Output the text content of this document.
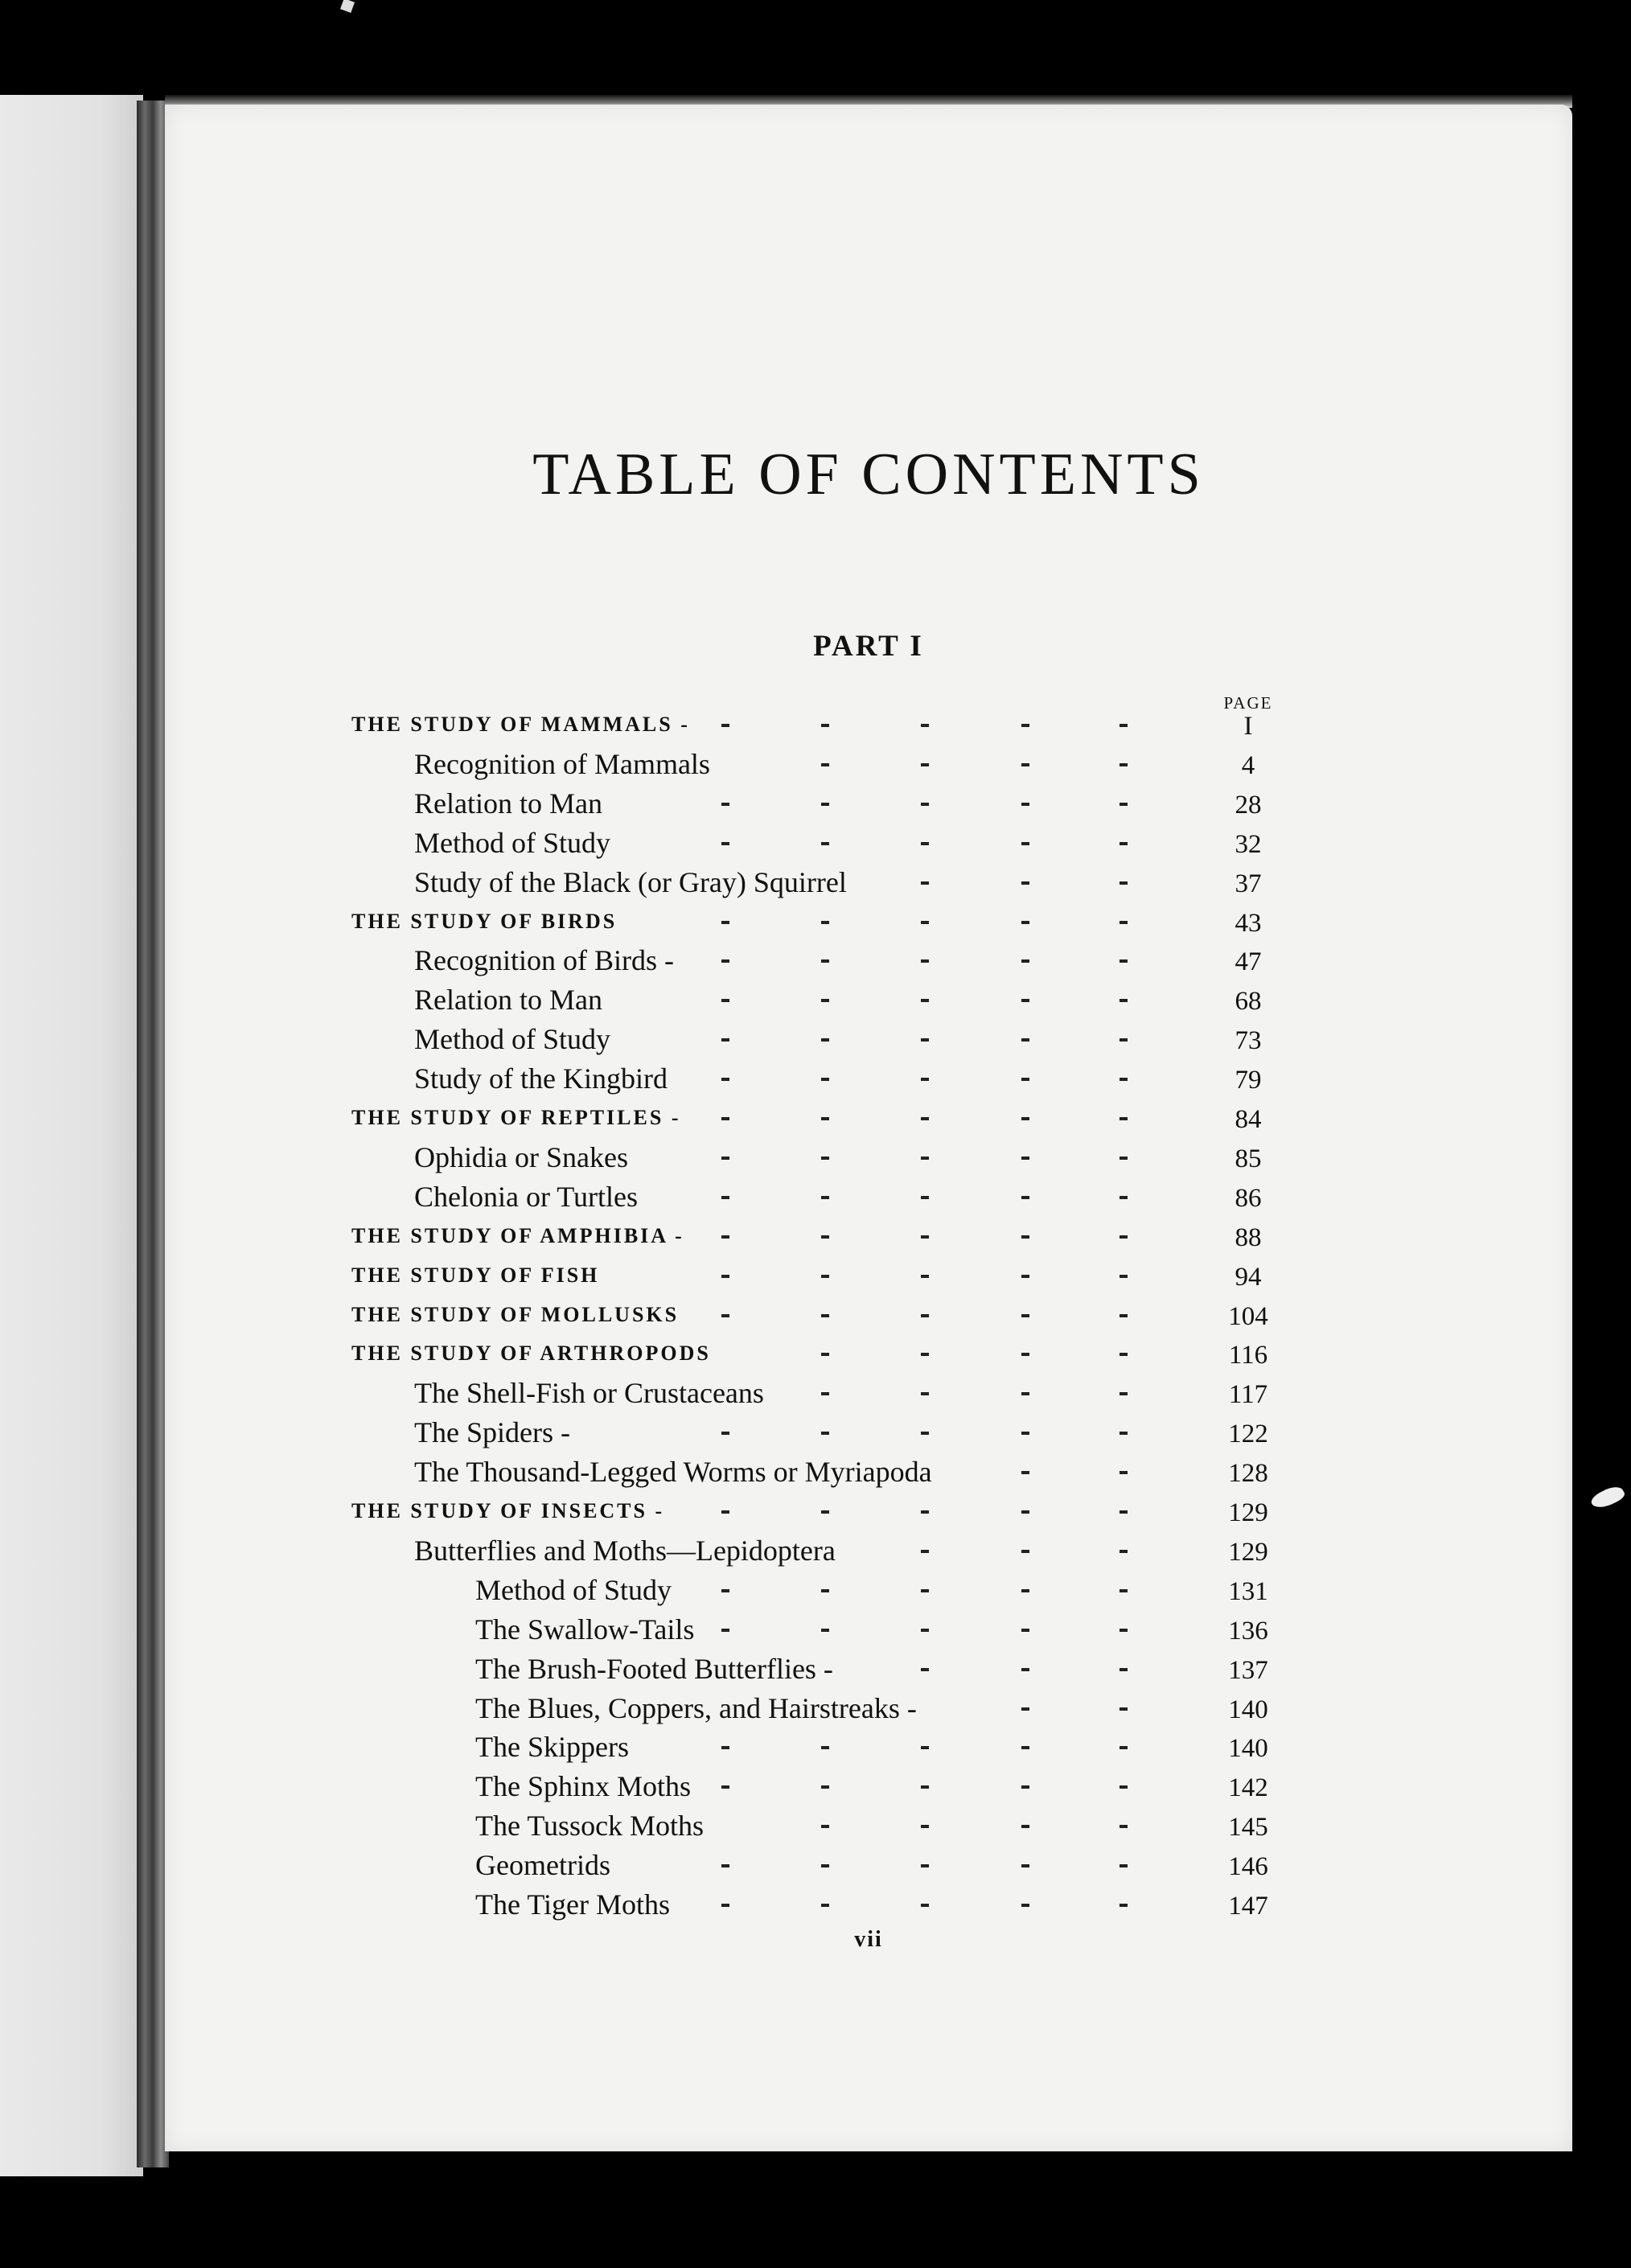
TABLE OF CONTENTS
PART I
PAGE
THE STUDY OF MAMMALS -	I
Recognition of Mammals	4
Relation to Man	28
Method of Study	32
Study of the Black (or Gray) Squirrel	37
THE STUDY OF BIRDS	43
Recognition of Birds -	47
Relation to Man	68
Method of Study	73
Study of the Kingbird	79
THE STUDY OF REPTILES -	84
Ophidia or Snakes	85
Chelonia or Turtles	86
THE STUDY OF AMPHIBIA -	88
THE STUDY OF FISH	94
THE STUDY OF MOLLUSKS	104
THE STUDY OF ARTHROPODS	116
The Shell-Fish or Crustaceans	117
The Spiders -	122
The Thousand-Legged Worms or Myriapoda	128
THE STUDY OF INSECTS -	129
Butterflies and Moths—Lepidoptera	129
Method of Study	131
The Swallow-Tails	136
The Brush-Footed Butterflies -	137
The Blues, Coppers, and Hairstreaks -	140
The Skippers	140
The Sphinx Moths	142
The Tussock Moths	145
Geometrids	146
The Tiger Moths	147
vii
